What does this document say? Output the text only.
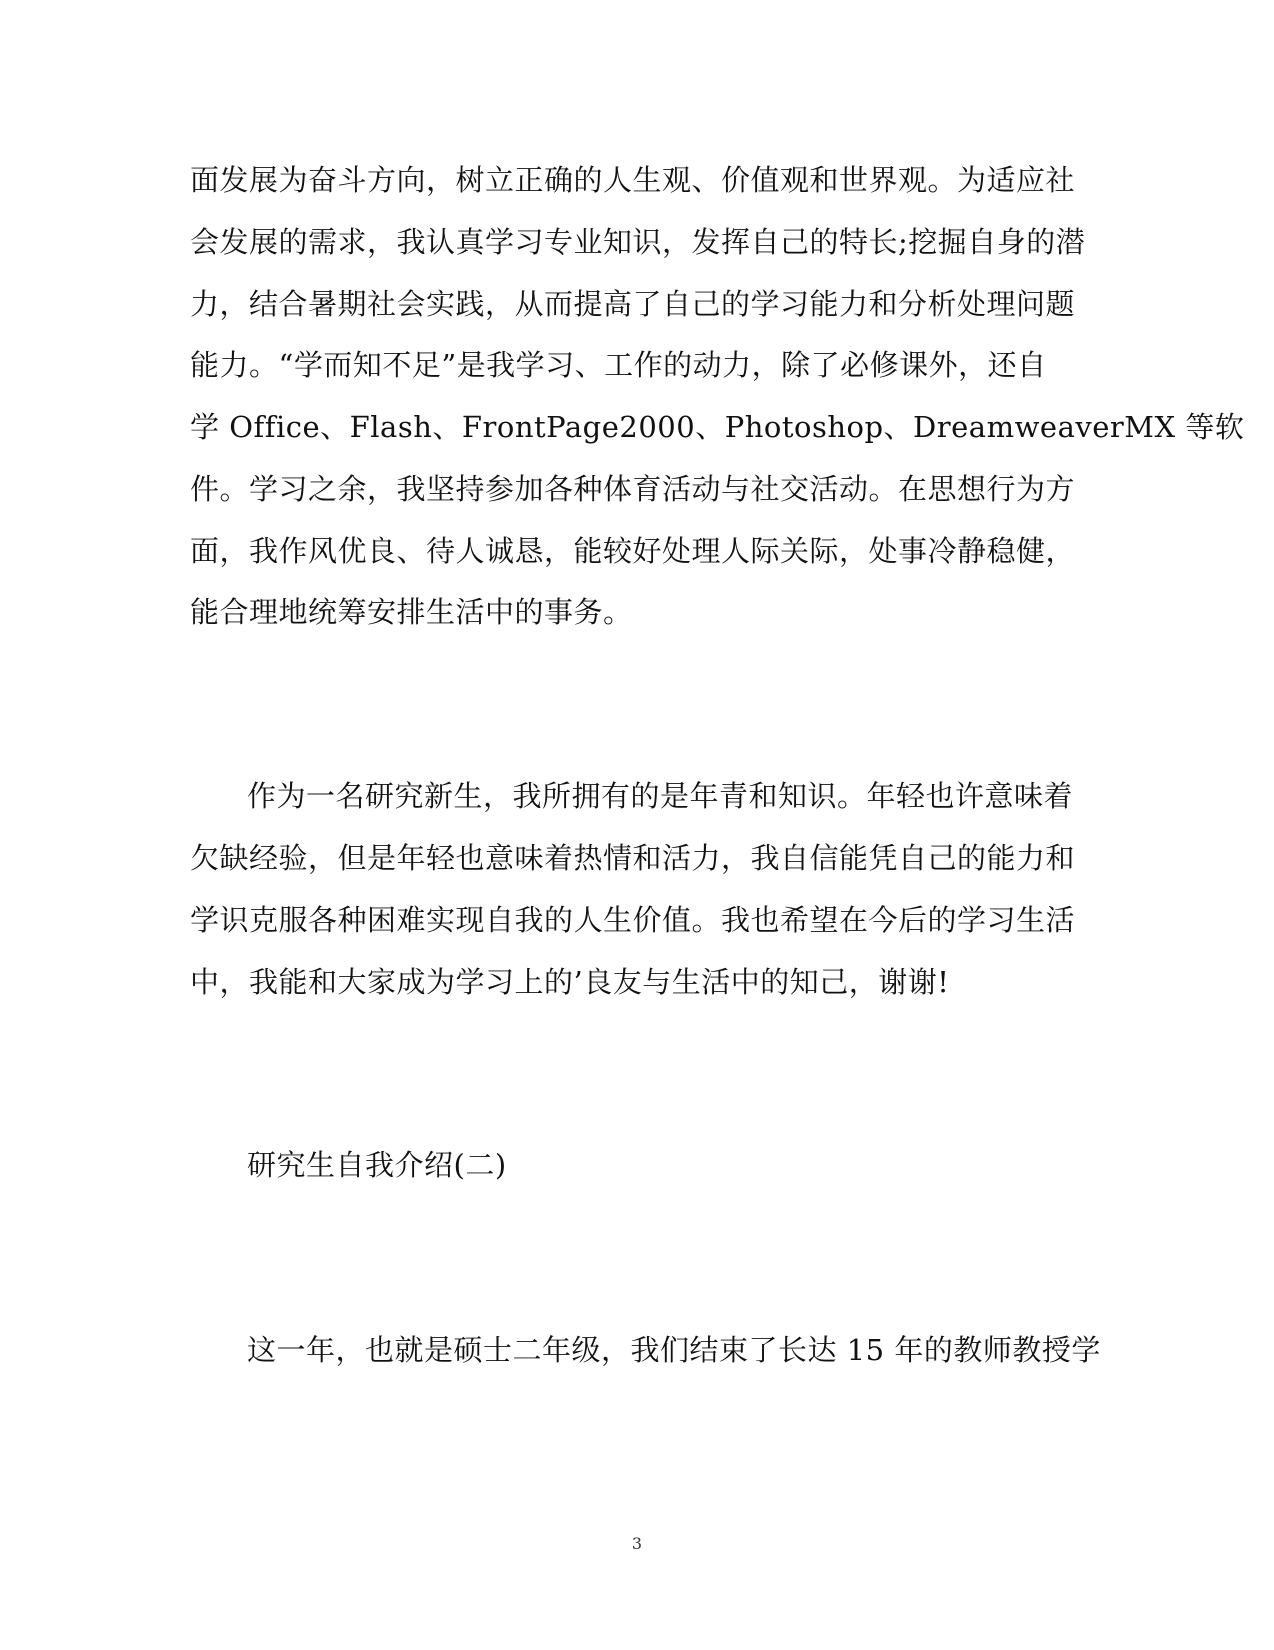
面发展为奋斗方向，树立正确的人生观、价值观和世界观。为适应社
会发展的需求，我认真学习专业知识，发挥自己的特长;挖掘自身的潜
力，结合暑期社会实践，从而提高了自己的学习能力和分析处理问题
能力。“学而知不足”是我学习、工作的动力，除了必修课外，还自
学 Office、Flash、FrontPage2000、Photoshop、DreamweaverMX 等软
件。学习之余，我坚持参加各种体育活动与社交活动。在思想行为方
面，我作风优良、待人诚恳，能较好处理人际关际，处事冷静稳健，
能合理地统筹安排生活中的事务。
作为一名研究新生，我所拥有的是年青和知识。年轻也许意味着
欠缺经验，但是年轻也意味着热情和活力，我自信能凭自己的能力和
学识克服各种困难实现自我的人生价值。我也希望在今后的学习生活
中，我能和大家成为学习上的’良友与生活中的知己，谢谢!
研究生自我介绍(二)
这一年，也就是硕士二年级，我们结束了长达 15 年的教师教授学
3
